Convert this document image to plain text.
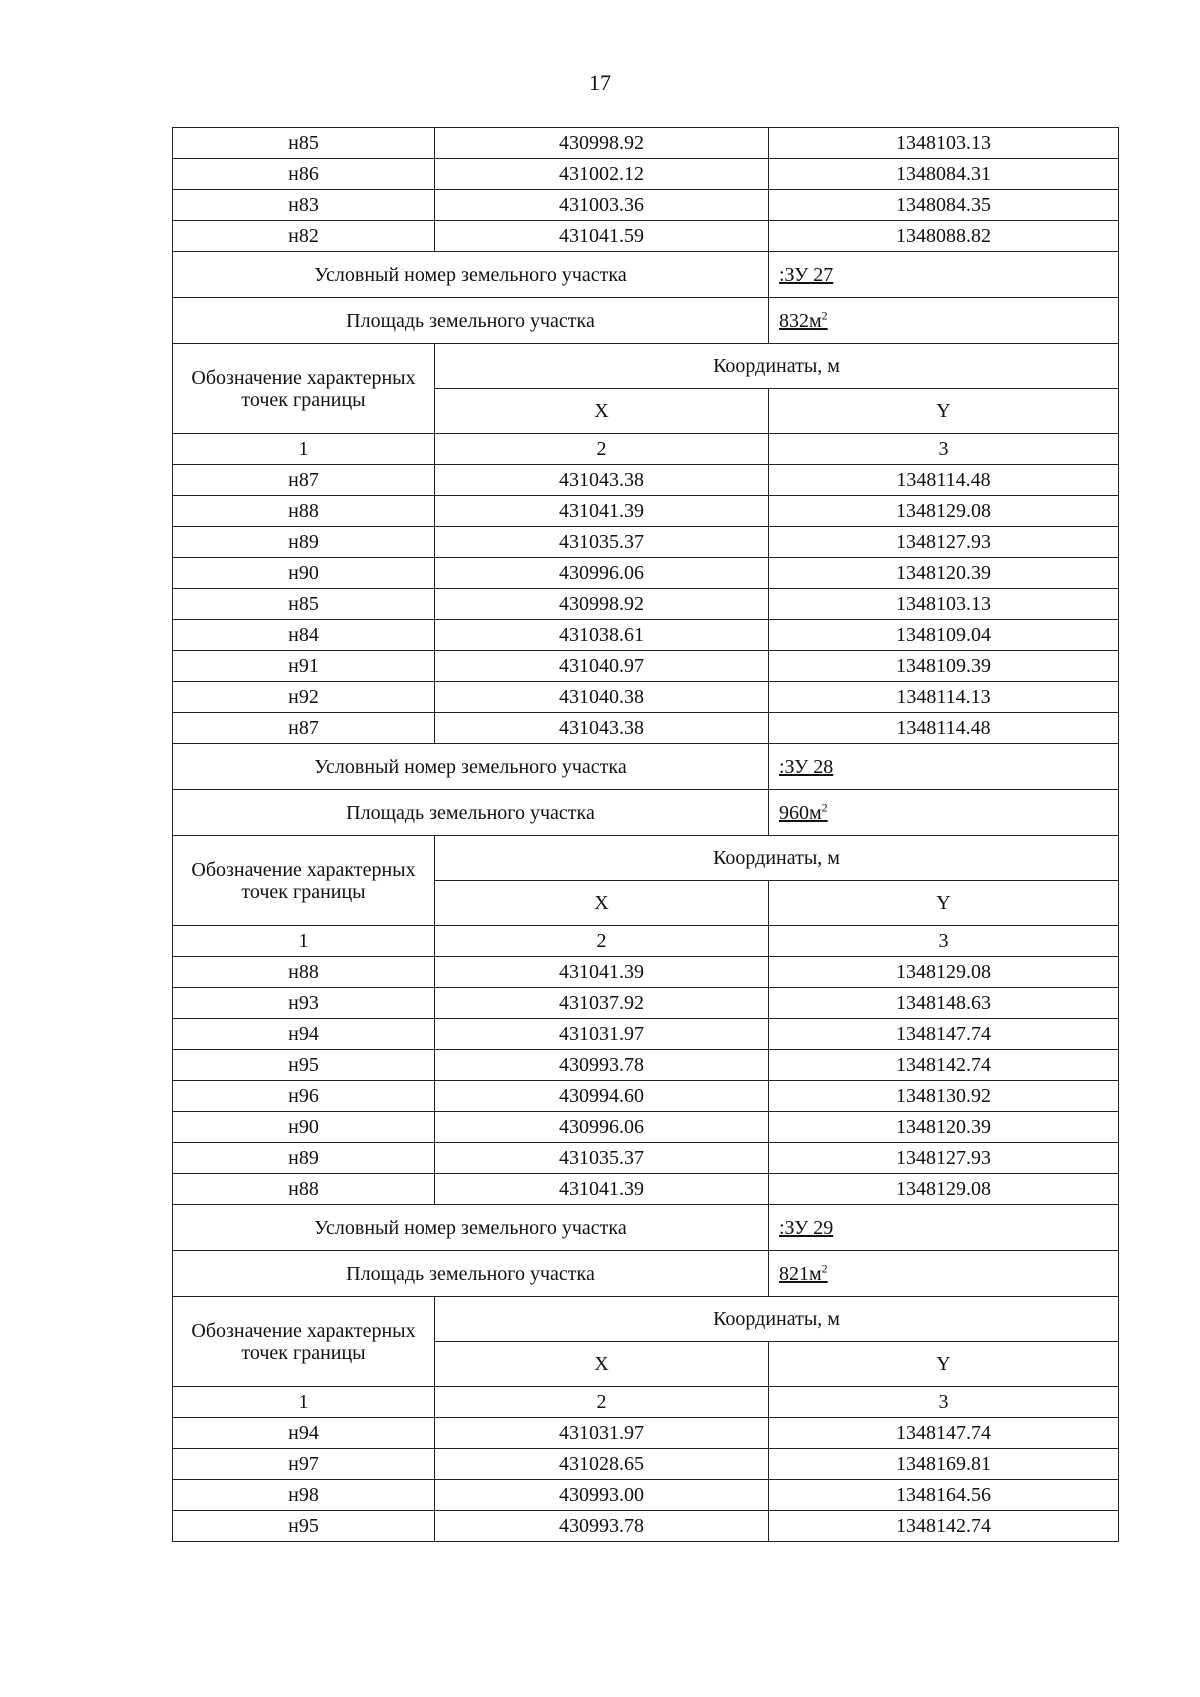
17
н85	430998.92	1348103.13
н86	431002.12	1348084.31
н83	431003.36	1348084.35
н82	431041.59	1348088.82
Условный номер земельного участка		:ЗУ 27
Площадь земельного участка		$832м^2$
Обозначение характерных точек границы	Координаты, м	
	X	Y
1	2	3
н87	431043.38	1348114.48
н88	431041.39	1348129.08
н89	431035.37	1348127.93
н90	430996.06	1348120.39
н85	430998.92	1348103.13
н84	431038.61	1348109.04
н91	431040.97	1348109.39
н92	431040.38	1348114.13
н87	431043.38	1348114.48
Условный номер земельного участка		:ЗУ 28
Площадь земельного участка		$960м^2$
Обозначение характерных точек границы	Координаты, м	
	X	Y
1	2	3
н88	431041.39	1348129.08
н93	431037.92	1348148.63
н94	431031.97	1348147.74
н95	430993.78	1348142.74
н96	430994.60	1348130.92
н90	430996.06	1348120.39
н89	431035.37	1348127.93
н88	431041.39	1348129.08
Условный номер земельного участка		:ЗУ 29
Площадь земельного участка		$821м^2$
Обозначение характерных точек границы	Координаты, м	
	X	Y
1	2	3
н94	431031.97	1348147.74
н97	431028.65	1348169.81
н98	430993.00	1348164.56
н95	430993.78	1348142.74
